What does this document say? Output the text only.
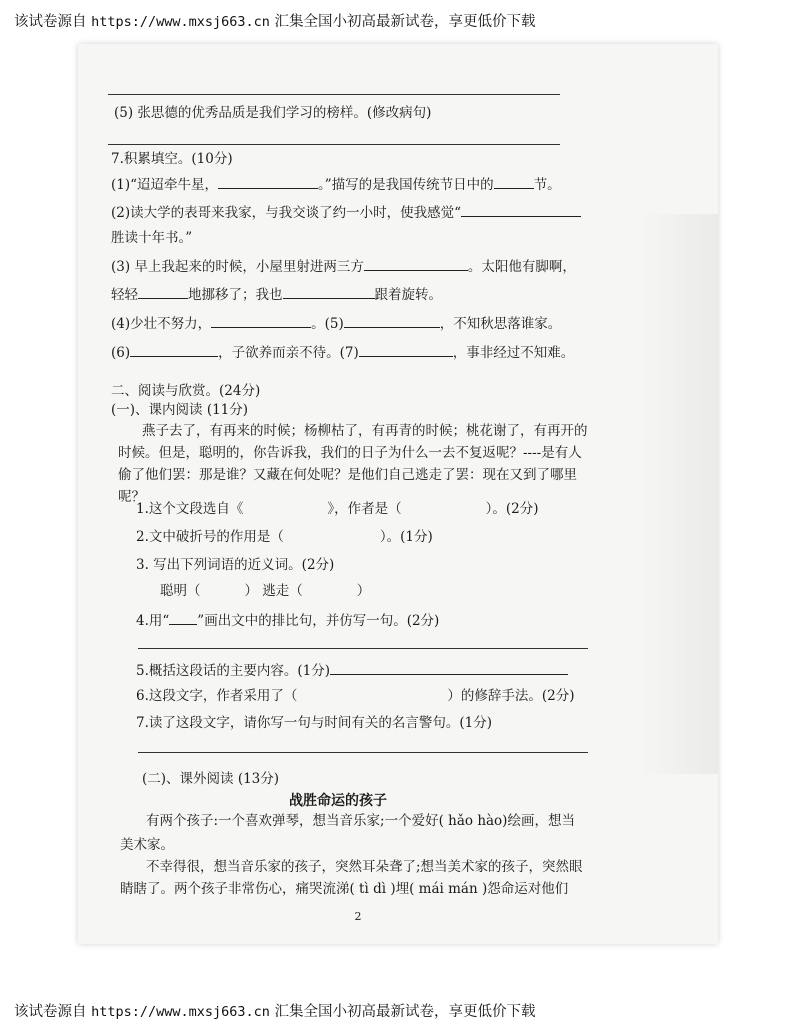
该试卷源自 https://www.mxsj663.cn 汇集全国小初高最新试卷，享更低价下载
(5) 张思德的优秀品质是我们学习的榜样。(修改病句)
7.积累填空。(10分)
(1)“迢迢牵牛星，	。”描写的是我国传统节日中的	节。
(2)读大学的表哥来我家，与我交谈了约一小时，使我感觉“
胜读十年书。”
(3) 早上我起来的时候，小屋里射进两三方	。太阳他有脚啊，
轻轻	地挪移了；我也	跟着旋转。
(4)少壮不努力，	。(5)	，不知秋思落谁家。
(6)	，子欲养而亲不待。(7)	，事非经过不知难。
二、阅读与欣赏。(24分)
(一)、课内阅读 (11分)
燕子去了，有再来的时候；杨柳枯了，有再青的时候；桃花谢了，有再开的
时候。但是，聪明的，你告诉我，我们的日子为什么一去不复返呢？----是有人
偷了他们罢：那是谁？又藏在何处呢？是他们自己逃走了罢：现在又到了哪里
呢？
1.这个文段选自《	》，作者是（	）。(2分)
2.文中破折号的作用是（	）。(1分)
3. 写出下列词语的近义词。(2分)
聪明（	） 逃走（	）
4.用“ ”画出文中的排比句，并仿写一句。(2分)
5.概括这段话的主要内容。(1分)
6.这段文字，作者采用了（	）的修辞手法。(2分)
7.读了这段文字，请你写一句与时间有关的名言警句。(1分)
(二)、课外阅读 (13分)
战胜命运的孩子
有两个孩子:一个喜欢弹琴，想当音乐家;一个爱好( hǎo hào)绘画，想当
美术家。
不幸得很，想当音乐家的孩子，突然耳朵聋了;想当美术家的孩子，突然眼
睛瞎了。两个孩子非常伤心，痛哭流涕( tì dì )埋( mái mán )怨命运对他们
2
该试卷源自 https://www.mxsj663.cn 汇集全国小初高最新试卷，享更低价下载
